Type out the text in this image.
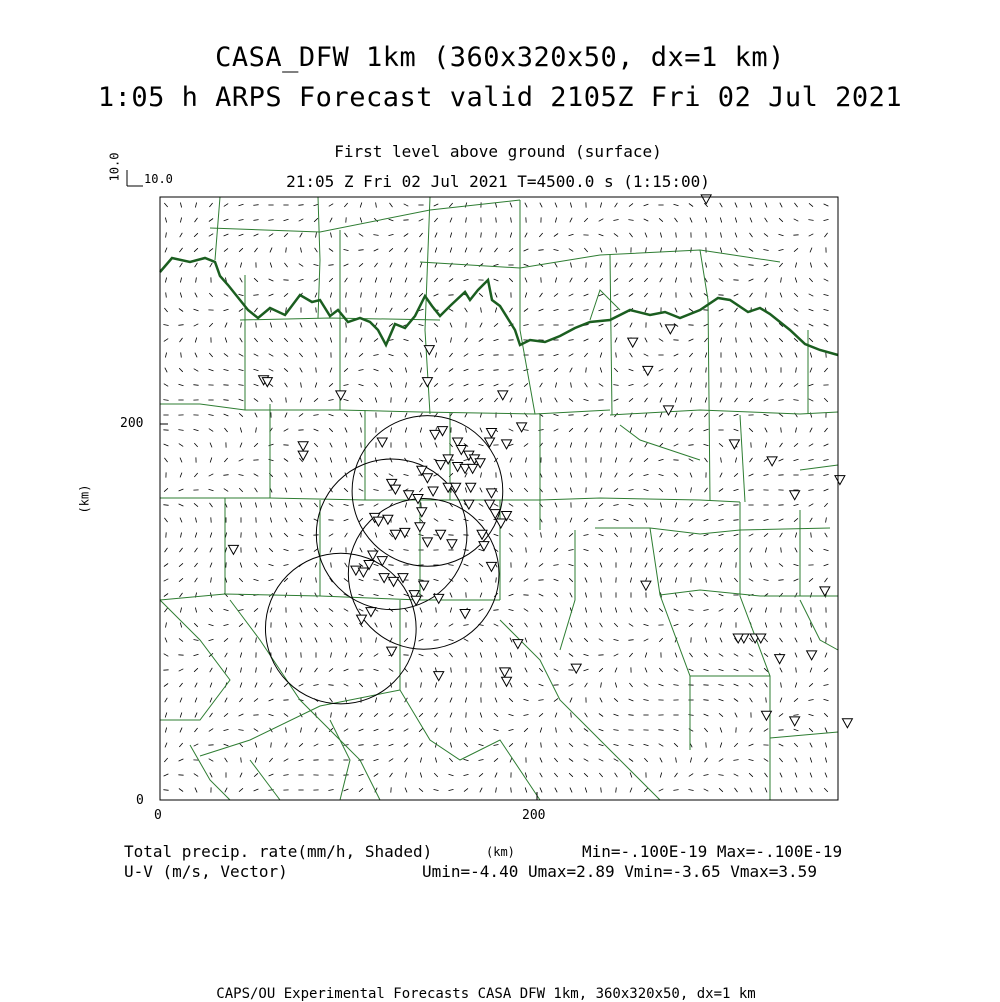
CASA_DFW 1km (360x320x50, dx=1 km)
1:05 h ARPS Forecast valid 2105Z Fri 02 Jul 2021
First level above ground (surface)
21:05 Z Fri 02 Jul 2021 T=4500.0 s (1:15:00)
10.0 10.0
0
200
0	200
(km)
Total precip. rate(mm/h, Shaded)	(km)	Min=-.100E-19 Max=-.100E-19
U-V (m/s, Vector)	Umin=-4.40 Umax=2.89 Vmin=-3.65 Vmax=3.59
CAPS/OU Experimental Forecasts CASA DFW 1km, 360x320x50, dx=1 km
